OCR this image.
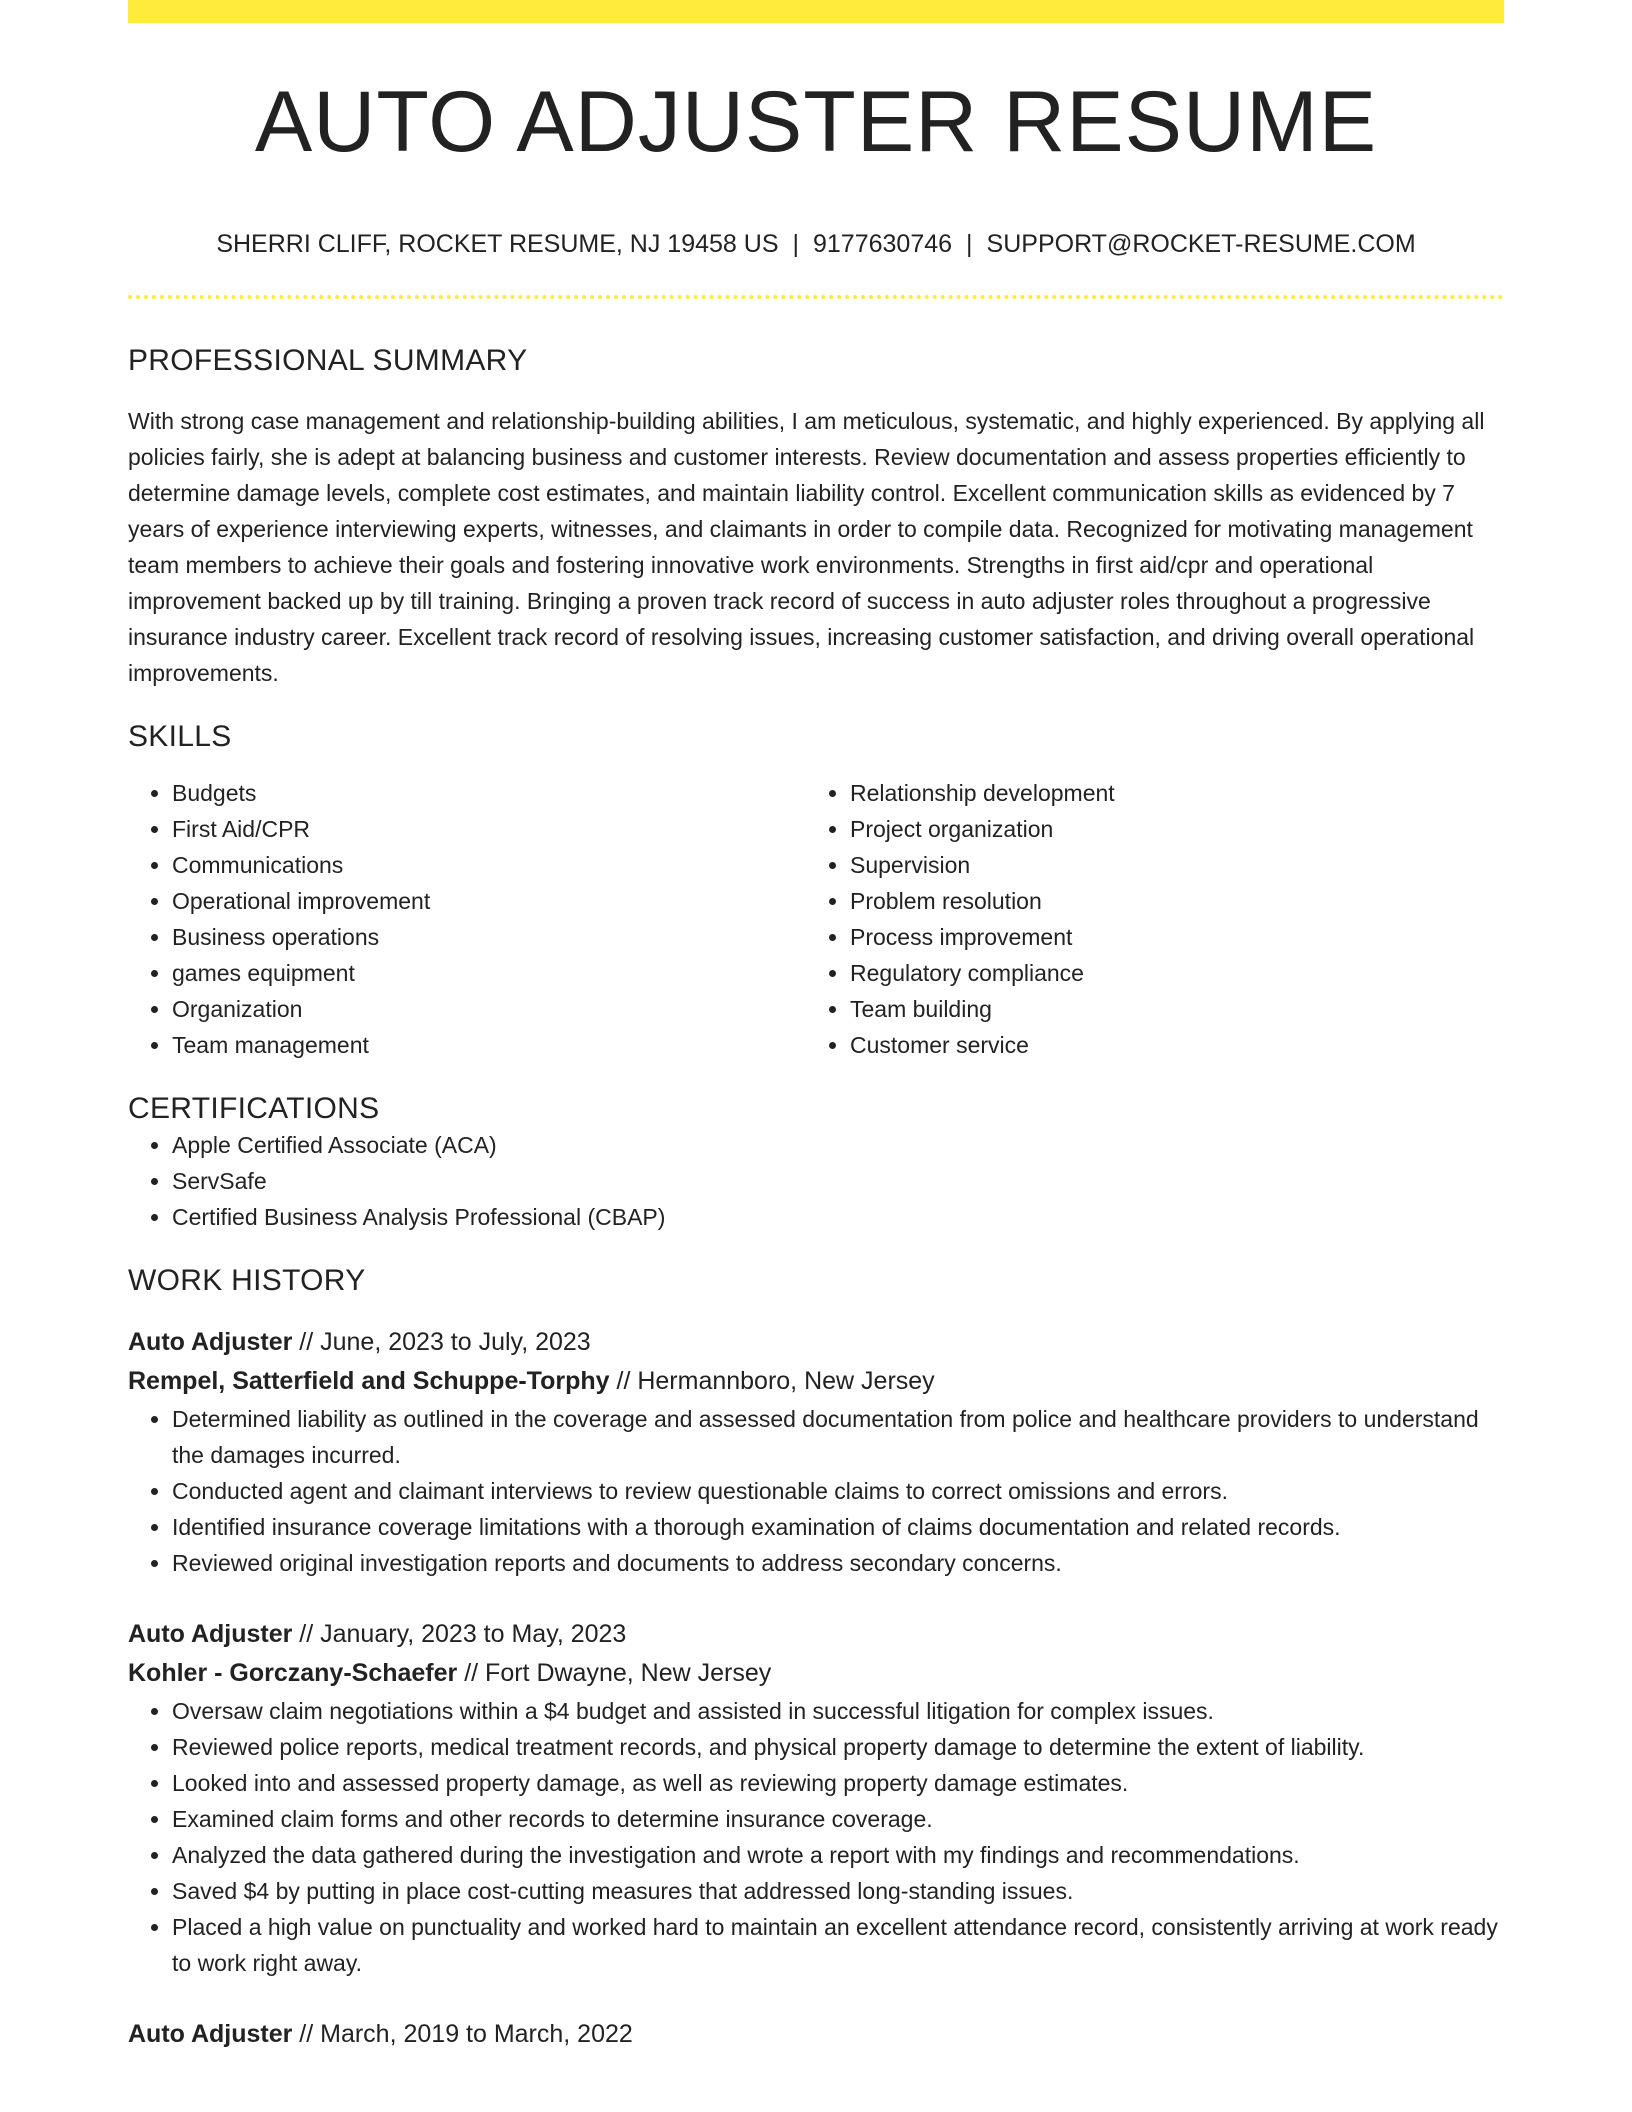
AUTO ADJUSTER RESUME
SHERRI CLIFF, ROCKET RESUME, NJ 19458 US | 9177630746 | SUPPORT@ROCKET-RESUME.COM
PROFESSIONAL SUMMARY

With strong case management and relationship-building abilities, I am meticulous, systematic, and highly experienced. By applying all policies fairly, she is adept at balancing business and customer interests. Review documentation and assess properties efficiently to determine damage levels, complete cost estimates, and maintain liability control. Excellent communication skills as evidenced by 7 years of experience interviewing experts, witnesses, and claimants in order to compile data. Recognized for motivating management team members to achieve their goals and fostering innovative work environments. Strengths in first aid/cpr and operational improvement backed up by till training. Bringing a proven track record of success in auto adjuster roles throughout a progressive insurance industry career. Excellent track record of resolving issues, increasing customer satisfaction, and driving overall operational improvements.

SKILLS
• Budgets
• First Aid/CPR
• Communications
• Operational improvement
• Business operations
• games equipment
• Organization
• Team management
• Relationship development
• Project organization
• Supervision
• Problem resolution
• Process improvement
• Regulatory compliance
• Team building
• Customer service
CERTIFICATIONS
• Apple Certified Associate (ACA)
• ServSafe
• Certified Business Analysis Professional (CBAP)
WORK HISTORY
Auto Adjuster // June, 2023 to July, 2023
Rempel, Satterfield and Schuppe-Torphy // Hermannboro, New Jersey
• Determined liability as outlined in the coverage and assessed documentation from police and healthcare providers to understand the damages incurred.
• Conducted agent and claimant interviews to review questionable claims to correct omissions and errors.
• Identified insurance coverage limitations with a thorough examination of claims documentation and related records.
• Reviewed original investigation reports and documents to address secondary concerns.
Auto Adjuster // January, 2023 to May, 2023
Kohler - Gorczany-Schaefer // Fort Dwayne, New Jersey
• Oversaw claim negotiations within a $4 budget and assisted in successful litigation for complex issues.
• Reviewed police reports, medical treatment records, and physical property damage to determine the extent of liability.
• Looked into and assessed property damage, as well as reviewing property damage estimates.
• Examined claim forms and other records to determine insurance coverage.
• Analyzed the data gathered during the investigation and wrote a report with my findings and recommendations.
• Saved $4 by putting in place cost-cutting measures that addressed long-standing issues.
• Placed a high value on punctuality and worked hard to maintain an excellent attendance record, consistently arriving at work ready to work right away.
Auto Adjuster // March, 2019 to March, 2022
